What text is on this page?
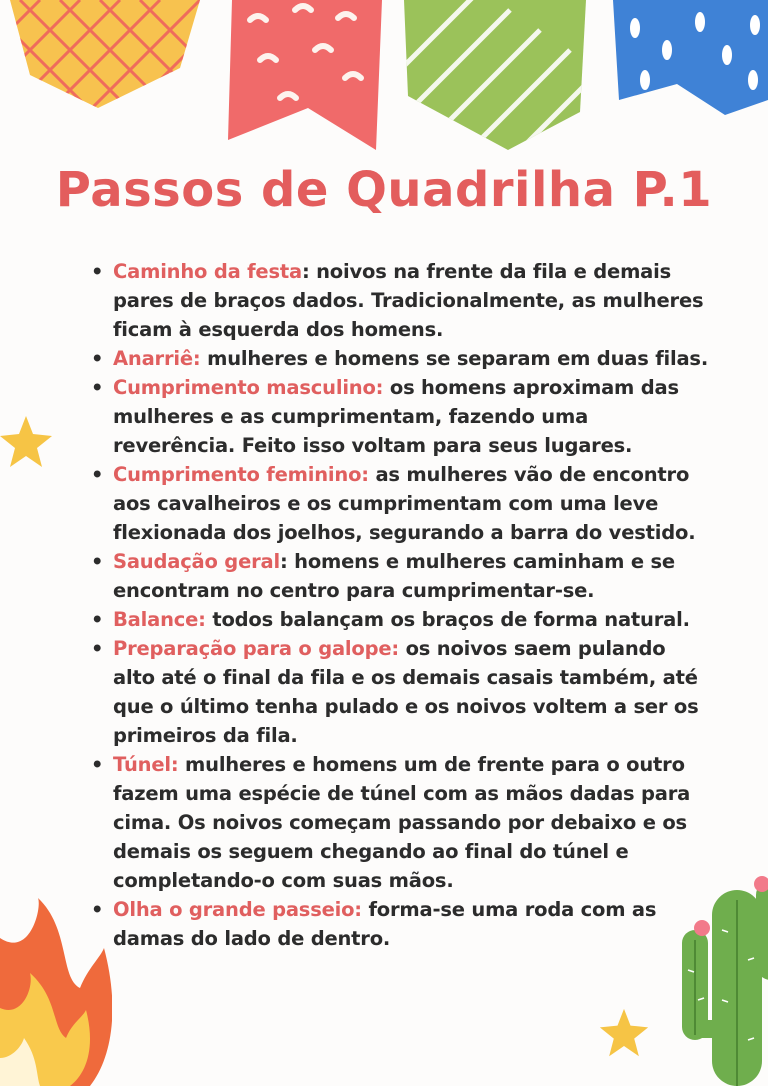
Passos de Quadrilha P.1
• Caminho da festa: noivos na frente da fila e demais pares de braços dados. Tradicionalmente, as mulheres ficam à esquerda dos homens.
• Anarriê: mulheres e homens se separam em duas filas.
• Cumprimento masculino: os homens aproximam das mulheres e as cumprimentam, fazendo uma reverência. Feito isso voltam para seus lugares.
• Cumprimento feminino: as mulheres vão de encontro aos cavalheiros e os cumprimentam com uma leve flexionada dos joelhos, segurando a barra do vestido.
• Saudação geral: homens e mulheres caminham e se encontram no centro para cumprimentar-se.
• Balance: todos balançam os braços de forma natural.
• Preparação para o galope: os noivos saem pulando alto até o final da fila e os demais casais também, até que o último tenha pulado e os noivos voltem a ser os primeiros da fila.
• Túnel: mulheres e homens um de frente para o outro fazem uma espécie de túnel com as mãos dadas para cima. Os noivos começam passando por debaixo e os demais os seguem chegando ao final do túnel e completando-o com suas mãos.
• Olha o grande passeio: forma-se uma roda com as damas do lado de dentro.
